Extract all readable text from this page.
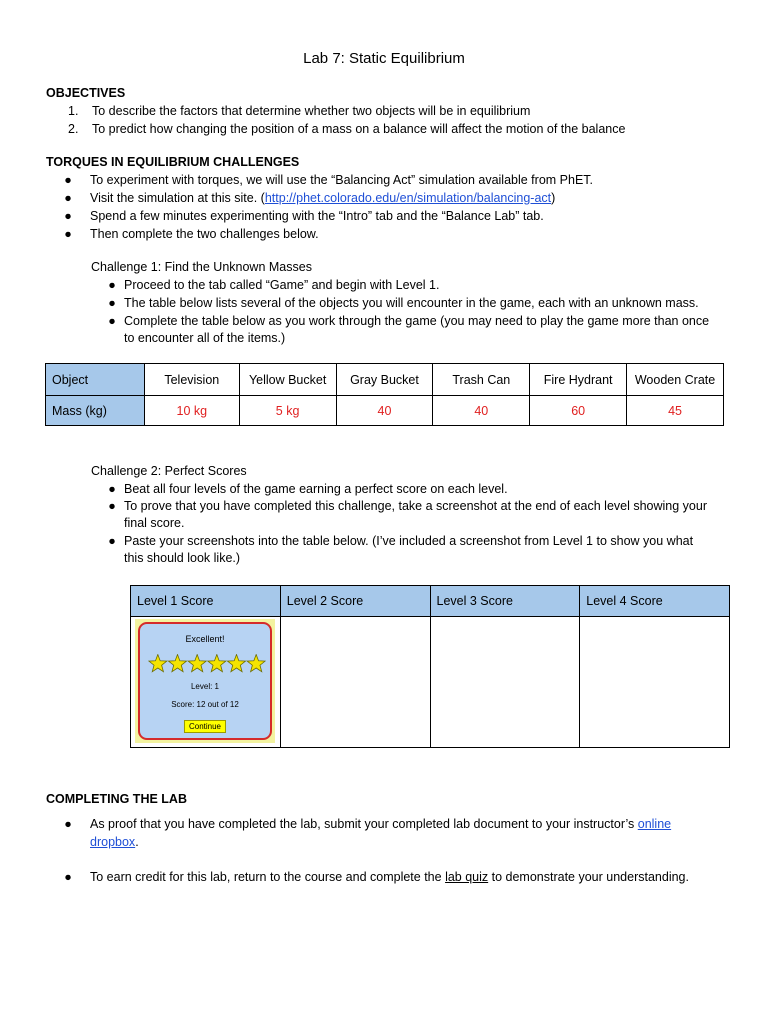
Lab 7: Static Equilibrium
OBJECTIVES
1. To describe the factors that determine whether two objects will be in equilibrium
2. To predict how changing the position of a mass on a balance will affect the motion of the balance
TORQUES IN EQUILIBRIUM CHALLENGES
● To experiment with torques, we will use the “Balancing Act” simulation available from PhET.
● Visit the simulation at this site. (http://phet.colorado.edu/en/simulation/balancing-act)
● Spend a few minutes experimenting with the “Intro” tab and the “Balance Lab” tab.
● Then complete the two challenges below.
Challenge 1: Find the Unknown Masses
● Proceed to the tab called “Game” and begin with Level 1.
● The table below lists several of the objects you will encounter in the game, each with an unknown mass.
● Complete the table below as you work through the game (you may need to play the game more than once
to encounter all of the items.)
Object	Television	Yellow Bucket	Gray Bucket	Trash Can	Fire Hydrant	Wooden Crate
Mass (kg)	10 kg	5 kg	40	40	60	45
Challenge 2: Perfect Scores
● Beat all four levels of the game earning a perfect score on each level.
● To prove that you have completed this challenge, take a screenshot at the end of each level showing your
final score.
● Paste your screenshots into the table below. (I’ve included a screenshot from Level 1 to show you what
this should look like.)
Level 1 Score	Level 2 Score	Level 3 Score	Level 4 Score

Excellent!
Level: 1
Score: 12 out of 12
Continue
COMPLETING THE LAB
● As proof that you have completed the lab, submit your completed lab document to your instructor’s online
dropbox.
● To earn credit for this lab, return to the course and complete the lab quiz to demonstrate your understanding.
